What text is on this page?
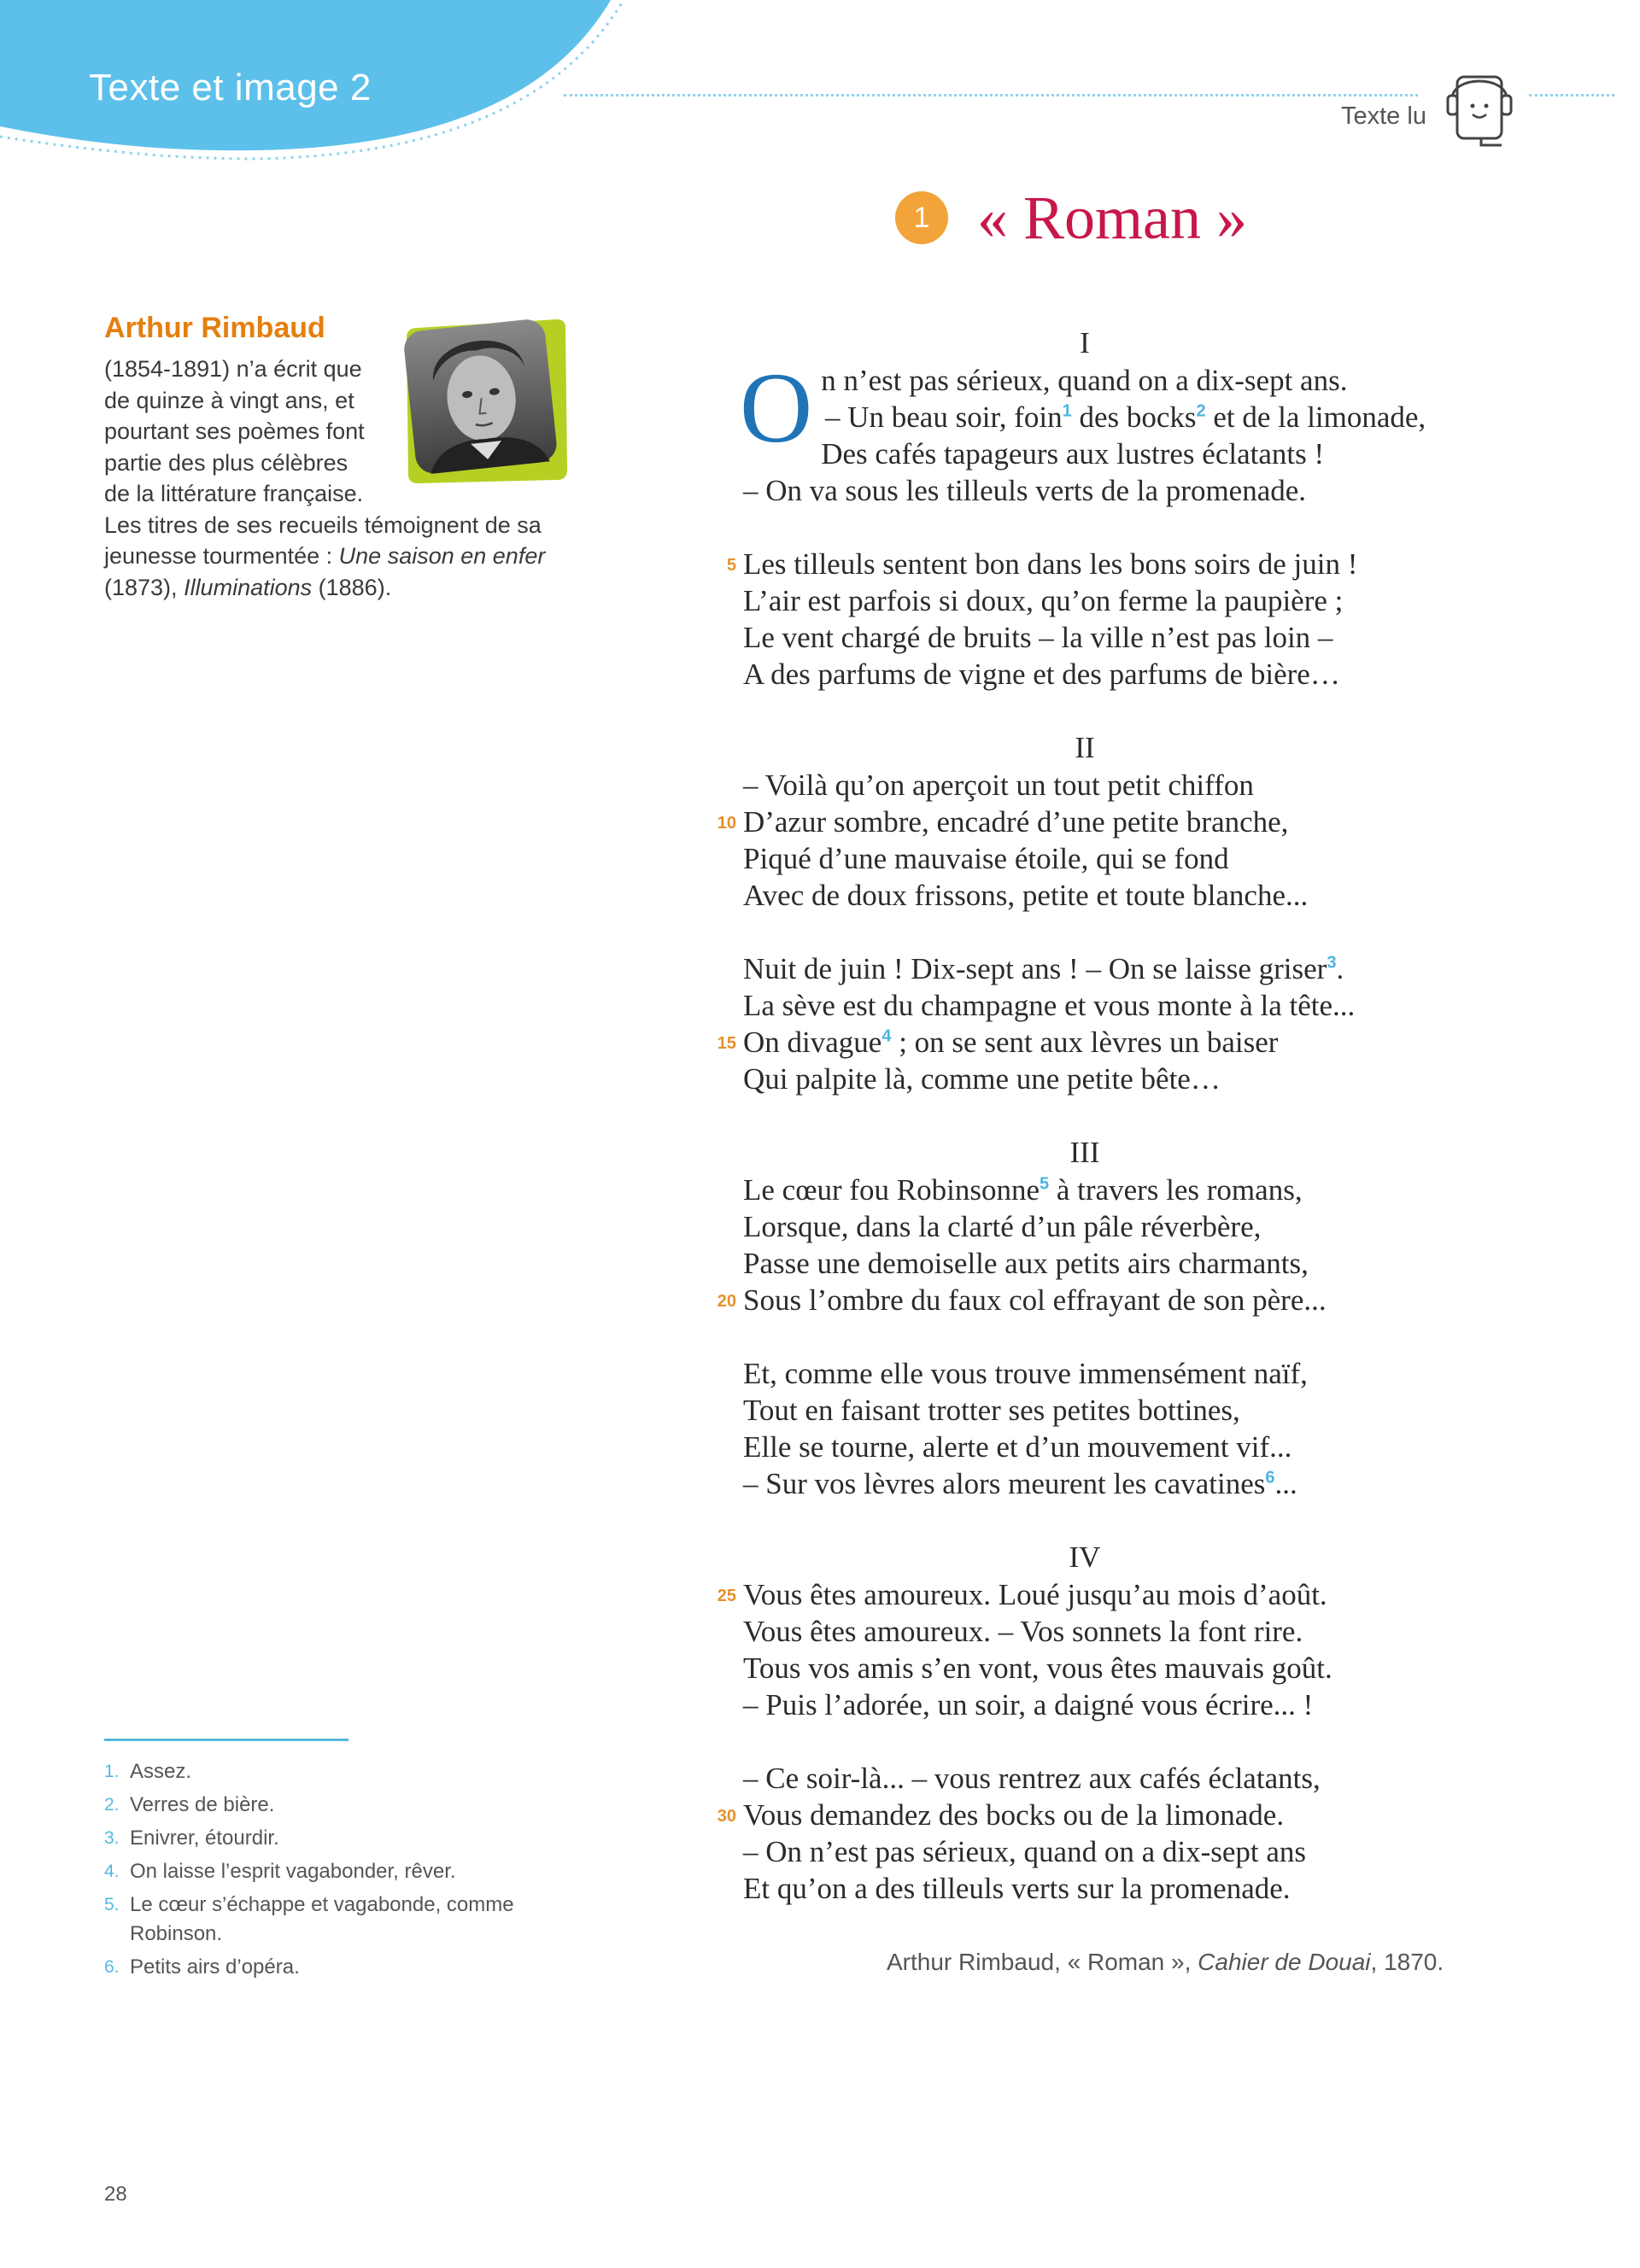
Texte et image 2
Texte lu
1 « Roman »
Arthur Rimbaud
(1854-1891) n’a écrit que
de quinze à vingt ans, et
pourtant ses poèmes font
partie des plus célèbres
de la littérature française.
Les titres de ses recueils témoignent de sa jeunesse tourmentée : Une saison en enfer (1873), Illuminations (1886).
I
On n’est pas sérieux, quand on a dix-sept ans.
– Un beau soir, foin$^1$ des bocks$^2$ et de la limonade,
Des cafés tapageurs aux lustres éclatants !
– On va sous les tilleuls verts de la promenade.
5 Les tilleuls sentent bon dans les bons soirs de juin !
L’air est parfois si doux, qu’on ferme la paupière ;
Le vent chargé de bruits – la ville n’est pas loin –
A des parfums de vigne et des parfums de bière…
II
– Voilà qu’on aperçoit un tout petit chiffon
10 D’azur sombre, encadré d’une petite branche,
Piqué d’une mauvaise étoile, qui se fond
Avec de doux frissons, petite et toute blanche...
Nuit de juin ! Dix-sept ans ! – On se laisse griser$^3$.
La sève est du champagne et vous monte à la tête...
15 On divague$^4$ ; on se sent aux lèvres un baiser
Qui palpite là, comme une petite bête…
III
Le cœur fou Robinsonne$^5$ à travers les romans,
Lorsque, dans la clarté d’un pâle réverbère,
Passe une demoiselle aux petits airs charmants,
20 Sous l’ombre du faux col effrayant de son père...
Et, comme elle vous trouve immensément naïf,
Tout en faisant trotter ses petites bottines,
Elle se tourne, alerte et d’un mouvement vif...
– Sur vos lèvres alors meurent les cavatines$^6$...
IV
25 Vous êtes amoureux. Loué jusqu’au mois d’août.
Vous êtes amoureux. – Vos sonnets la font rire.
Tous vos amis s’en vont, vous êtes mauvais goût.
– Puis l’adorée, un soir, a daigné vous écrire... !
– Ce soir-là... – vous rentrez aux cafés éclatants,
30 Vous demandez des bocks ou de la limonade.
– On n’est pas sérieux, quand on a dix-sept ans
Et qu’on a des tilleuls verts sur la promenade.
Arthur Rimbaud, « Roman », Cahier de Douai, 1870.
1. Assez.
2. Verres de bière.
3. Enivrer, étourdir.
4. On laisse l’esprit vagabonder, rêver.
5. Le cœur s’échappe et vagabonde, comme Robinson.
6. Petits airs d’opéra.
28
